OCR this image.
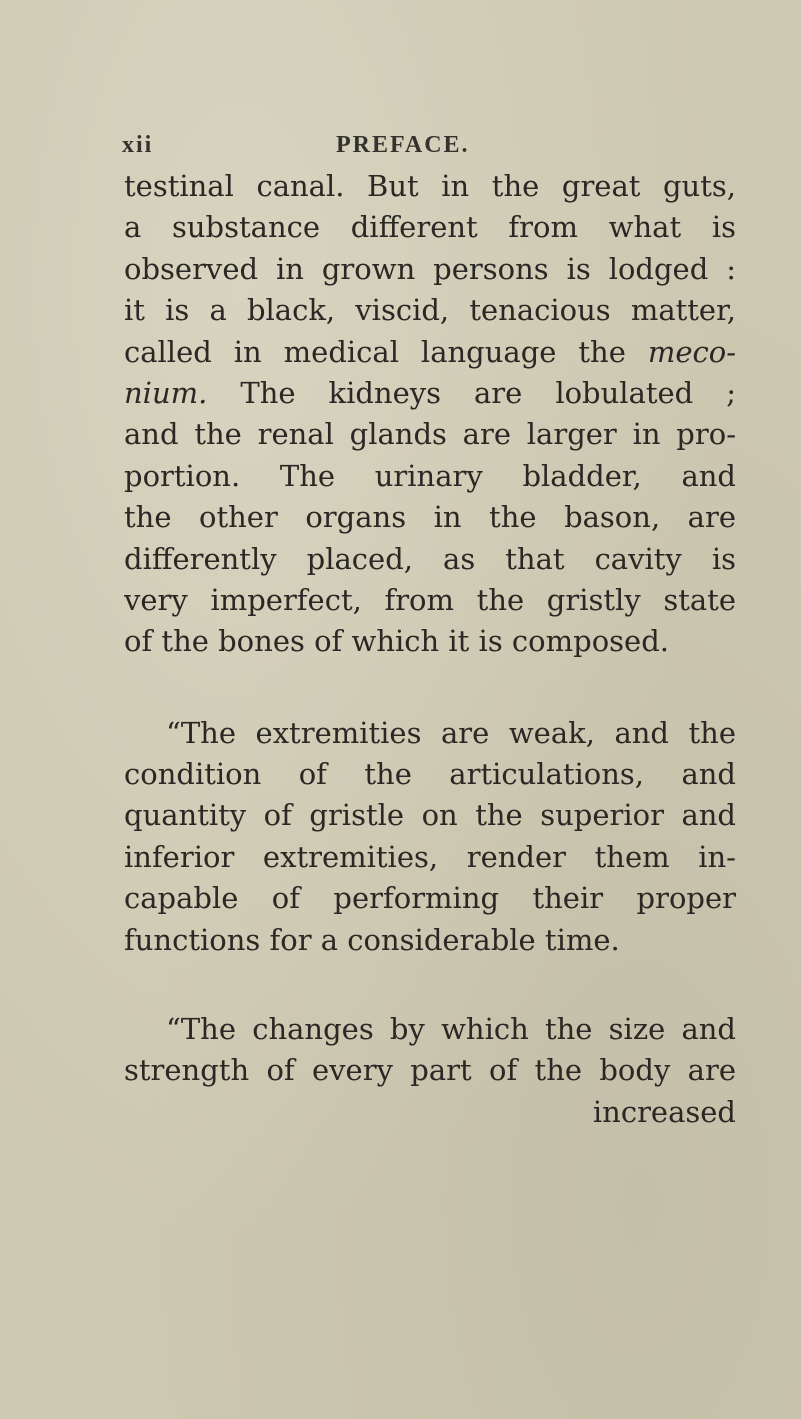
xii	PREFACE.
testinal canal. But in the great guts,
a substance different from what is
observed in grown persons is lodged :
it is a black, viscid, tenacious matter,
called in medical language the meco-
nium. The kidneys are lobulated ;
and the renal glands are larger in pro-
portion. The urinary bladder, and
the other organs in the bason, are
differently placed, as that cavity is
very imperfect, from the gristly state
of the bones of which it is composed.
“The extremities are weak, and the
condition of the articulations, and
quantity of gristle on the superior and
inferior extremities, render them in-
capable of performing their proper
functions for a considerable time.
“The changes by which the size and
strength of every part of the body are
increased
